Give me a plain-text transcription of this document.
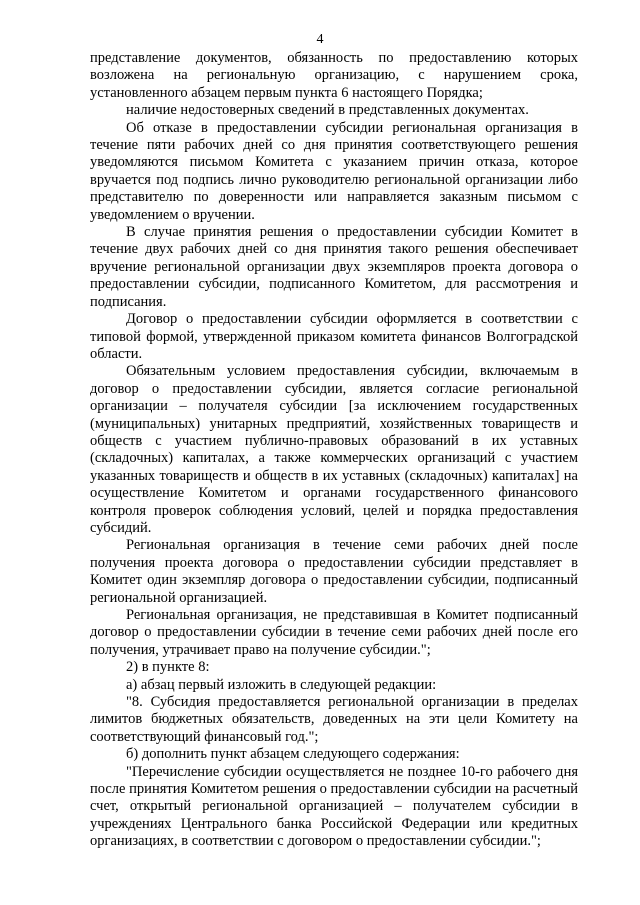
4

представление документов, обязанность по предоставлению которых возложена на региональную организацию, с нарушением срока, установленного абзацем первым пункта 6 настоящего Порядка;

наличие недостоверных сведений в представленных документах.

Об отказе в предоставлении субсидии региональная организация в течение пяти рабочих дней со дня принятия соответствующего решения уведомляются письмом Комитета с указанием причин отказа, которое вручается под подпись лично руководителю региональной организации либо представителю по доверенности или направляется заказным письмом с уведомлением о вручении.

В случае принятия решения о предоставлении субсидии Комитет в течение двух рабочих дней со дня принятия такого решения обеспечивает вручение региональной организации двух экземпляров проекта договора о предоставлении субсидии, подписанного Комитетом, для рассмотрения и подписания.

Договор о предоставлении субсидии оформляется в соответствии с типовой формой, утвержденной приказом комитета финансов Волгоградской области.

Обязательным условием предоставления субсидии, включаемым в договор о предоставлении субсидии, является согласие региональной организации – получателя субсидии [за исключением государственных (муниципальных) унитарных предприятий, хозяйственных товариществ и обществ с участием публично-правовых образований в их уставных (складочных) капиталах, а также коммерческих организаций с участием указанных товариществ и обществ в их уставных (складочных) капиталах] на осуществление Комитетом и органами государственного финансового контроля проверок соблюдения условий, целей и порядка предоставления субсидий.

Региональная организация в течение семи рабочих дней после получения проекта договора о предоставлении субсидии представляет в Комитет один экземпляр договора о предоставлении субсидии, подписанный региональной организацией.

Региональная организация, не представившая в Комитет подписанный договор о предоставлении субсидии в течение семи рабочих дней после его получения, утрачивает право на получение субсидии.";

2) в пункте 8:

а) абзац первый изложить в следующей редакции:

"8. Субсидия предоставляется региональной организации в пределах лимитов бюджетных обязательств, доведенных на эти цели Комитету на соответствующий финансовый год.";

б) дополнить пункт абзацем следующего содержания:

"Перечисление субсидии осуществляется не позднее 10-го рабочего дня после принятия Комитетом решения о предоставлении субсидии на расчетный счет, открытый региональной организацией – получателем субсидии в учреждениях Центрального банка Российской Федерации или кредитных организациях, в соответствии с договором о предоставлении субсидии.";
